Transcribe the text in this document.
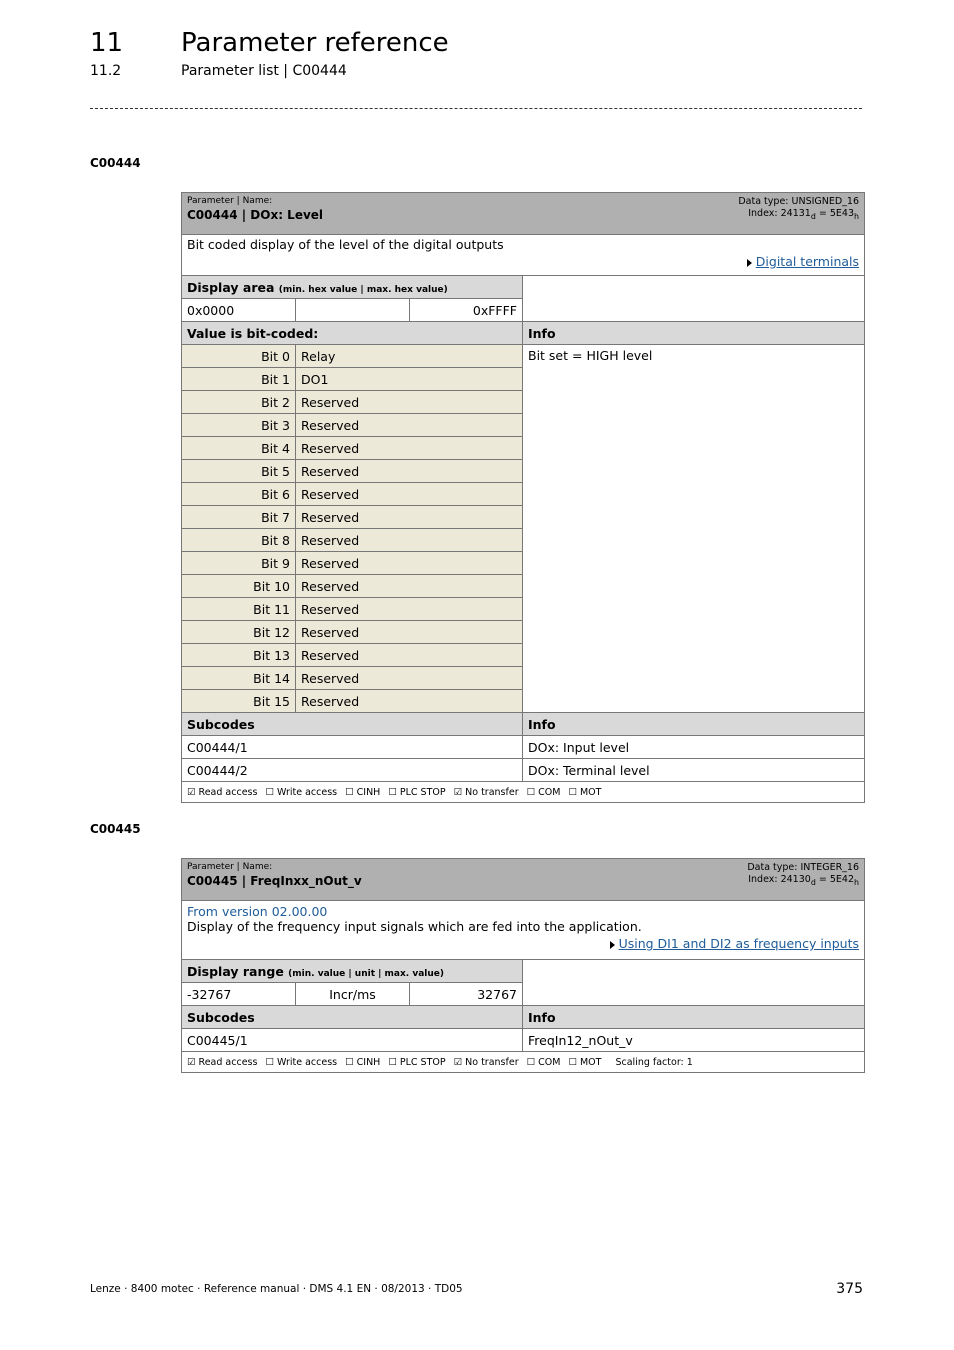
11 Parameter reference
11.2	Parameter list | C00444
C00444
Data type: UNSIGNED_16
Index: $24131_d = 5E43_h$
Parameter | Name:
C00444 | DOx: Level			

Bit coded display of the level of the digital outputs
Digital terminals			

Display area (min. hex value | max. hex value)			
0x0000		0xFFFF	
Value is bit-coded:			Info
Bit 0	Relay		Bit set = HIGH level
Bit 1	DO1		
Bit 2	Reserved		
Bit 3	Reserved		
Bit 4	Reserved		
Bit 5	Reserved		
Bit 6	Reserved		
Bit 7	Reserved		
Bit 8	Reserved		
Bit 9	Reserved		
Bit 10	Reserved		
Bit 11	Reserved		
Bit 12	Reserved		
Bit 13	Reserved		
Bit 14	Reserved		
Bit 15	Reserved		
Subcodes			Info
C00444/1			DOx: Input level
C00444/2			DOx: Terminal level
☑ Read access ☐ Write access ☐ CINH ☐ PLC STOP ☑ No transfer ☐ COM ☐ MOT			
C00445
Data type: INTEGER_16
Index: $24130_d = 5E42_h$
Parameter | Name:
C00445 | FreqInxx_nOut_v			

From version 02.00.00
Display of the frequency input signals which are fed into the application.
Using DI1 and DI2 as frequency inputs			

Display range (min. value | unit | max. value)			
-32767	Incr/ms	32767	
Subcodes			Info
C00445/1			FreqIn12_nOut_v
☑ Read access ☐ Write access ☐ CINH ☐ PLC STOP ☑ No transfer ☐ COM ☐ MOT Scaling factor: 1			
Lenze · 8400 motec · Reference manual · DMS 4.1 EN · 08/2013 · TD05	375
